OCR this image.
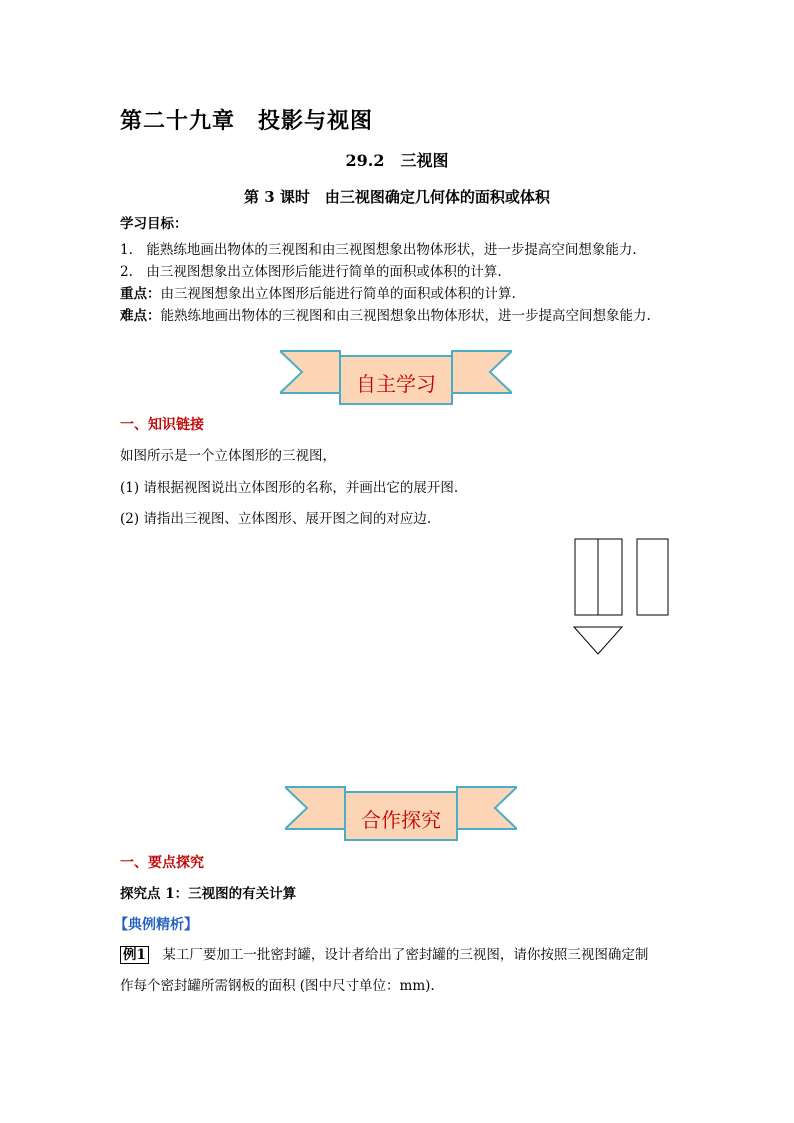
第二十九章　投影与视图
29.2　三视图
第 3 课时　由三视图确定几何体的面积或体积
学习目标：
1.　能熟练地画出物体的三视图和由三视图想象出物体形状，进一步提高空间想象能力.
2.　由三视图想象出立体图形后能进行简单的面积或体积的计算.
重点：由三视图想象出立体图形后能进行简单的面积或体积的计算.
难点：能熟练地画出物体的三视图和由三视图想象出物体形状，进一步提高空间想象能力.
自主学习
一、知识链接
如图所示是一个立体图形的三视图，
(1) 请根据视图说出立体图形的名称，并画出它的展开图.
(2) 请指出三视图、立体图形、展开图之间的对应边.
合作探究
一、要点探究
探究点 1：三视图的有关计算
【典例精析】
例1　某工厂要加工一批密封罐，设计者给出了密封罐的三视图，请你按照三视图确定制
作每个密封罐所需钢板的面积 (图中尺寸单位：mm).
